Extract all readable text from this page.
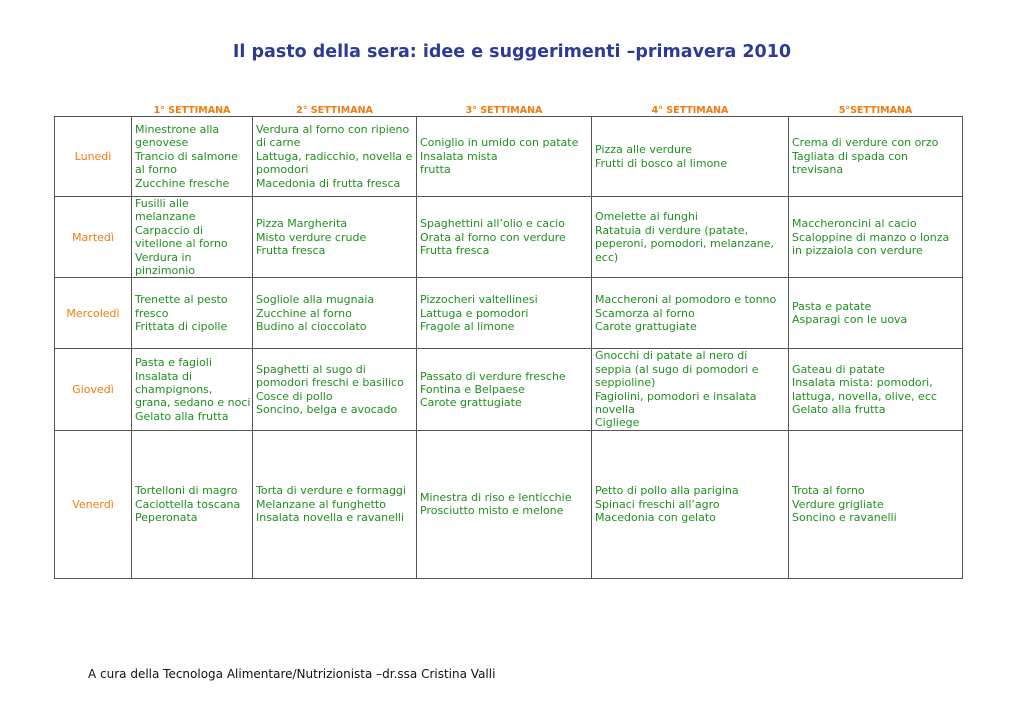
Il pasto della sera: idee e suggerimenti –primavera 2010
	1° SETTIMANA	2° SETTIMANA	3° SETTIMANA	4° SETTIMANA	5°SETTIMANA
Lunedì	Minestrone alla genovese
Trancio di salmone al forno
Zucchine fresche	Verdura al forno con ripieno di carne
Lattuga, radicchio, novella e pomodori
Macedonia di frutta fresca	Coniglio in umido con patate
Insalata mista
frutta	Pizza alle verdure
Frutti di bosco al limone	Crema di verdure con orzo
Tagliata di spada con trevisana

Martedì	Fusilli alle melanzane
Carpaccio di vitellone al forno
Verdura in pinzimonio	Pizza Margherita
Misto verdure crude
Frutta fresca	Spaghettini all’olio e cacio
Orata al forno con verdure
Frutta fresca	Omelette ai funghi
Ratatuia di verdure (patate, peperoni, pomodori, melanzane, ecc)	Maccheroncini al cacio
Scaloppine di manzo o lonza in pizzaiola con verdure

Mercoledì	Trenette al pesto fresco
Frittata di cipolle	Sogliole alla mugnaia
Zucchine al forno
Budino al cioccolato	Pizzocheri valtellinesi
Lattuga e pomodori
Fragole al limone	Maccheroni al pomodoro e tonno
Scamorza al forno
Carote grattugiate	Pasta e patate
Asparagi con le uova

Giovedì	Pasta e fagioli
Insalata di champignons, grana, sedano e noci
Gelato alla frutta	Spaghetti al sugo di pomodori freschi e basilico
Cosce di pollo
Soncino, belga e avocado	Passato di verdure fresche
Fontina e Belpaese
Carote grattugiate	Gnocchi di patate al nero di seppia (al sugo di pomodori e seppioline)
Fagiolini, pomodori e insalata novella
Cigliege	Gateau di patate
Insalata mista: pomodori, lattuga, novella, olive, ecc
Gelato alla frutta

Venerdì	Tortelloni di magro
Caciottella toscana
Peperonata	Torta di verdure e formaggi
Melanzane al funghetto
Insalata novella e ravanelli	Minestra di riso e lenticchie
Prosciutto misto e melone	Petto di pollo alla parigina
Spinaci freschi all’agro
Macedonia con gelato	Trota al forno
Verdure grigliate
Soncino e ravanelli
A cura della Tecnologa Alimentare/Nutrizionista –dr.ssa Cristina Valli
